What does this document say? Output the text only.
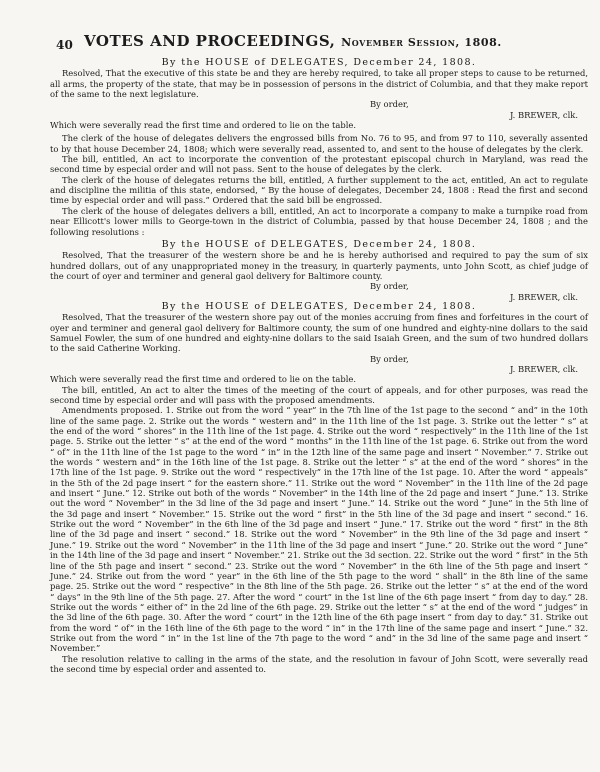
40 VOTES AND PROCEEDINGS, November Session, 1808.
By the HOUSE of DELEGATES, December 24, 1808.

Resolved, That the executive of this state be and they are hereby required, to take all proper steps to cause to be returned, all arms, the property of the state, that may be in possession of persons in the district of Columbia, and that they make report of the same to the next legislature.

By order,
J. BREWER, clk.

Which were severally read the first time and ordered to lie on the table.

The clerk of the house of delegates delivers the engrossed bills from No. 76 to 95, and from 97 to 110, severally assented to by that house December 24, 1808; which were severally read, assented to, and sent to the house of delegates by the clerk.

The bill, entitled, An act to incorporate the convention of the protestant episcopal church in Maryland, was read the second time by especial order and will not pass. Sent to the house of delegates by the clerk.

The clerk of the house of delegates returns the bill, entitled, A further supplement to the act, entitled, An act to regulate and discipline the militia of this state, endorsed, “ By the house of delegates, December 24, 1808 : Read the first and second time by especial order and will pass.” Ordered that the said bill be engrossed.

The clerk of the house of delegates delivers a bill, entitled, An act to incorporate a company to make a turnpike road from near Ellicott's lower mills to George-town in the district of Columbia, passed by that house December 24, 1808 ; and the following resolutions :

By the HOUSE of DELEGATES, December 24, 1808.

Resolved, That the treasurer of the western shore be and he is hereby authorised and required to pay the sum of six hundred dollars, out of any unappropriated money in the treasury, in quarterly payments, unto John Scott, as chief judge of the court of oyer and terminer and general gaol delivery for Baltimore county.

By order,
J. BREWER, clk.
By the HOUSE of DELEGATES, December 24, 1808.

Resolved, That the treasurer of the western shore pay out of the monies accruing from fines and forfeitures in the court of oyer and terminer and general gaol delivery for Baltimore county, the sum of one hundred and eighty-nine dollars to the said Samuel Fowler, the sum of one hundred and eighty-nine dollars to the said Isaiah Green, and the sum of two hundred dollars to the said Catherine Working.

By order,
J. BREWER, clk.

Which were severally read the first time and ordered to lie on the table.

The bill, entitled, An act to alter the times of the meeting of the court of appeals, and for other purposes, was read the second time by especial order and will pass with the proposed amendments.

Amendments proposed. 1. Strike out from the word “ year” in the 7th line of the 1st page to the second “ and” in the 10th line of the same page. 2. Strike out the words “ western and” in the 11th line of the 1st page. 3. Strike out the letter “ s” at the end of the word “ shores” in the 11th line of the 1st page. 4. Strike out the word “ respectively” in the 11th line of the 1st page. 5. Strike out the letter “ s” at the end of the word “ months” in the 11th line of the 1st page. 6. Strike out from the word “ of” in the 11th line of the 1st page to the word “ in” in the 12th line of the same page and insert “ November.” 7. Strike out the words “ western and” in the 16th line of the 1st page. 8. Strike out the letter “ s” at the end of the word “ shores” in the 17th line of the 1st page. 9. Strike out the word “ respectively” in the 17th line of the 1st page. 10. After the word “ appeals” in the 5th of the 2d page insert “ for the eastern shore.” 11. Strike out the word “ November” in the 11th line of the 2d page and insert “ June.” 12. Strike out both of the words “ November” in the 14th line of the 2d page and insert “ June.” 13. Strike out the word “ November” in the 3d line of the 3d page and insert “ June.” 14. Strike out the word “ June” in the 5th line of the 3d page and insert “ November.” 15. Strike out the word “ first” in the 5th line of the 3d page and insert “ second.” 16. Strike out the word “ November” in the 6th line of the 3d page and insert “ June.” 17. Strike out the word “ first” in the 8th line of the 3d page and insert “ second.” 18. Strike out the word “ November” in the 9th line of the 3d page and insert “ June.” 19. Strike out the word “ November” in the 11th line of the 3d page and insert “ June.” 20. Strike out the word “ June” in the 14th line of the 3d page and insert “ November.” 21. Strike out the 3d section. 22. Strike out the word “ first” in the 5th line of the 5th page and insert “ second.” 23. Strike out the word “ November” in the 6th line of the 5th page and insert “ June.” 24. Strike out from the word “ year” in the 6th line of the 5th page to the word “ shall” in the 8th line of the same page. 25. Strike out the word “ respective” in the 8th line of the 5th page. 26. Strike out the letter “ s” at the end of the word “ days” in the 9th line of the 5th page. 27. After the word “ court” in the 1st line of the 6th page insert “ from day to day.” 28. Strike out the words “ either of” in the 2d line of the 6th page. 29. Strike out the letter “ s” at the end of the word “ judges” in the 3d line of the 6th page. 30. After the word “ court” in the 12th line of the 6th page insert “ from day to day.” 31. Strike out from the word “ of” in the 16th line of the 6th page to the word “ in” in the 17th line of the same page and insert “ June.” 32. Strike out from the word “ in” in the 1st line of the 7th page to the word “ and” in the 3d line of the same page and insert “ November.”

The resolution relative to calling in the arms of the state, and the resolution in favour of John Scott, were severally read the second time by especial order and assented to.
